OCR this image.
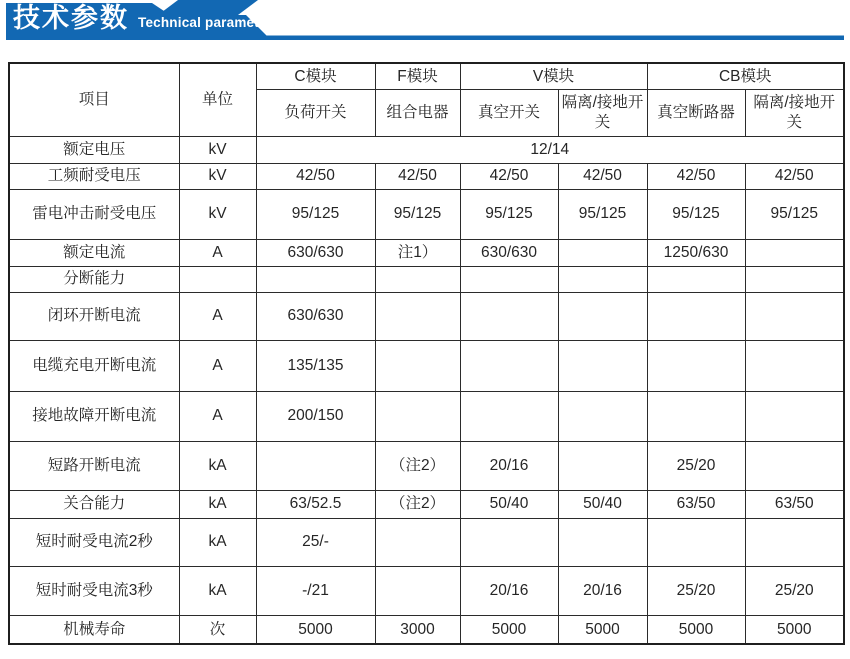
技术参数 Technical parameter
项目	单位	C模块	F模块	V模块		CB模块	
		负荷开关	组合电器	真空开关	隔离/接地开关	真空断路器	隔离/接地开关
额定电压	kV	12/14					
工频耐受电压	kV	42/50	42/50	42/50	42/50	42/50	42/50
雷电冲击耐受电压	kV	95/125	95/125	95/125	95/125	95/125	95/125
额定电流	A	630/630	注1）	630/630		1250/630	
分断能力							
闭环开断电流	A	630/630					
电缆充电开断电流	A	135/135					
接地故障开断电流	A	200/150					
短路开断电流	kA		（注2）	20/16		25/20	
关合能力	kA	63/52.5	（注2）	50/40	50/40	63/50	63/50
短时耐受电流2秒	kA	25/-					
短时耐受电流3秒	kA	-/21		20/16	20/16	25/20	25/20
机械寿命	次	5000	3000	5000	5000	5000	5000
